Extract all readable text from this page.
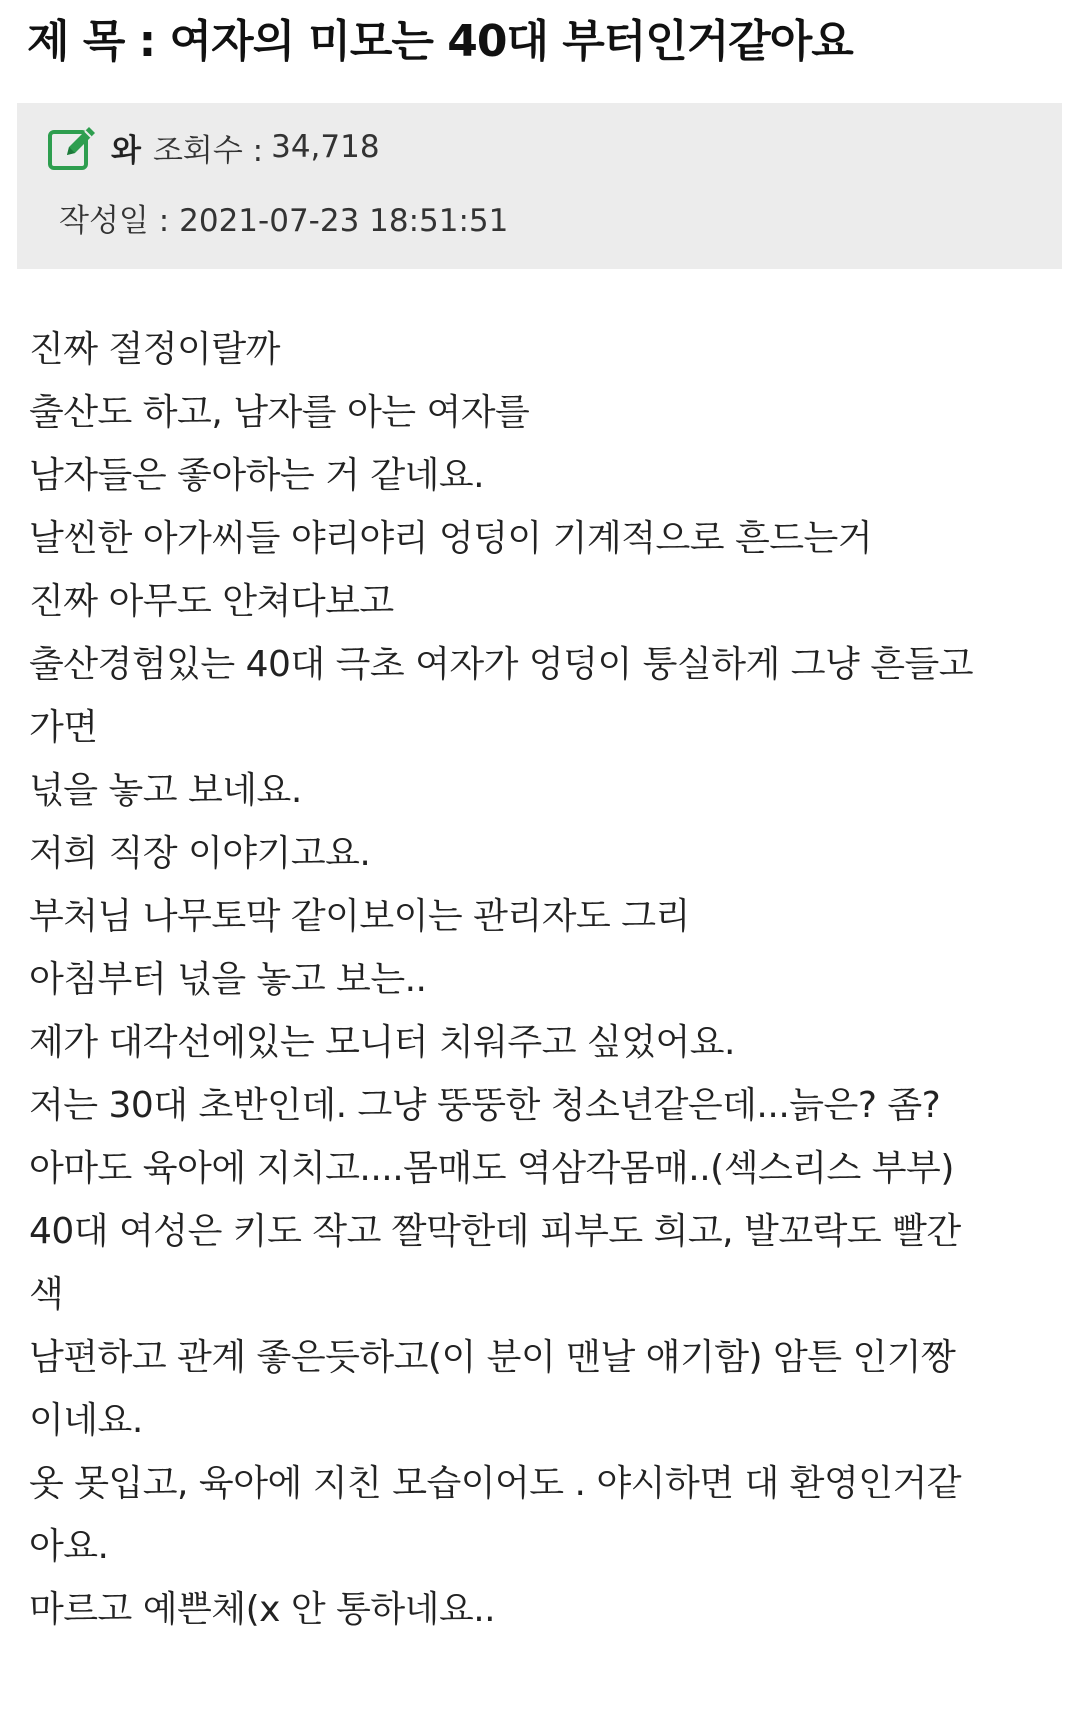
제 목 : 여자의 미모는 40대 부터인거같아요
와 조회수 : 34,718
작성일 : 2021-07-23 18:51:51
진짜 절정이랄까
출산도 하고, 남자를 아는 여자를
남자들은 좋아하는 거 같네요.
날씬한 아가씨들 야리야리 엉덩이 기계적으로 흔드는거
진짜 아무도 안쳐다보고
출산경험있는 40대 극초 여자가 엉덩이 퉁실하게 그냥 흔들고
가면
넋을 놓고 보네요.
저희 직장 이야기고요.
부처님 나무토막 같이보이는 관리자도 그리
아침부터 넋을 놓고 보는..
제가 대각선에있는 모니터 치워주고 싶었어요.
저는 30대 초반인데. 그냥 뚱뚱한 청소년같은데...늙은? 좀?
아마도 육아에 지치고....몸매도 역삼각몸매..(섹스리스 부부)
40대 여성은 키도 작고 짤막한데 피부도 희고, 발꼬락도 빨간
색
남편하고 관계 좋은듯하고(이 분이 맨날 얘기함) 암튼 인기짱
이네요.
옷 못입고, 육아에 지친 모습이어도 . 야시하면 대 환영인거같
아요.
마르고 예쁜체(x 안 통하네요..
